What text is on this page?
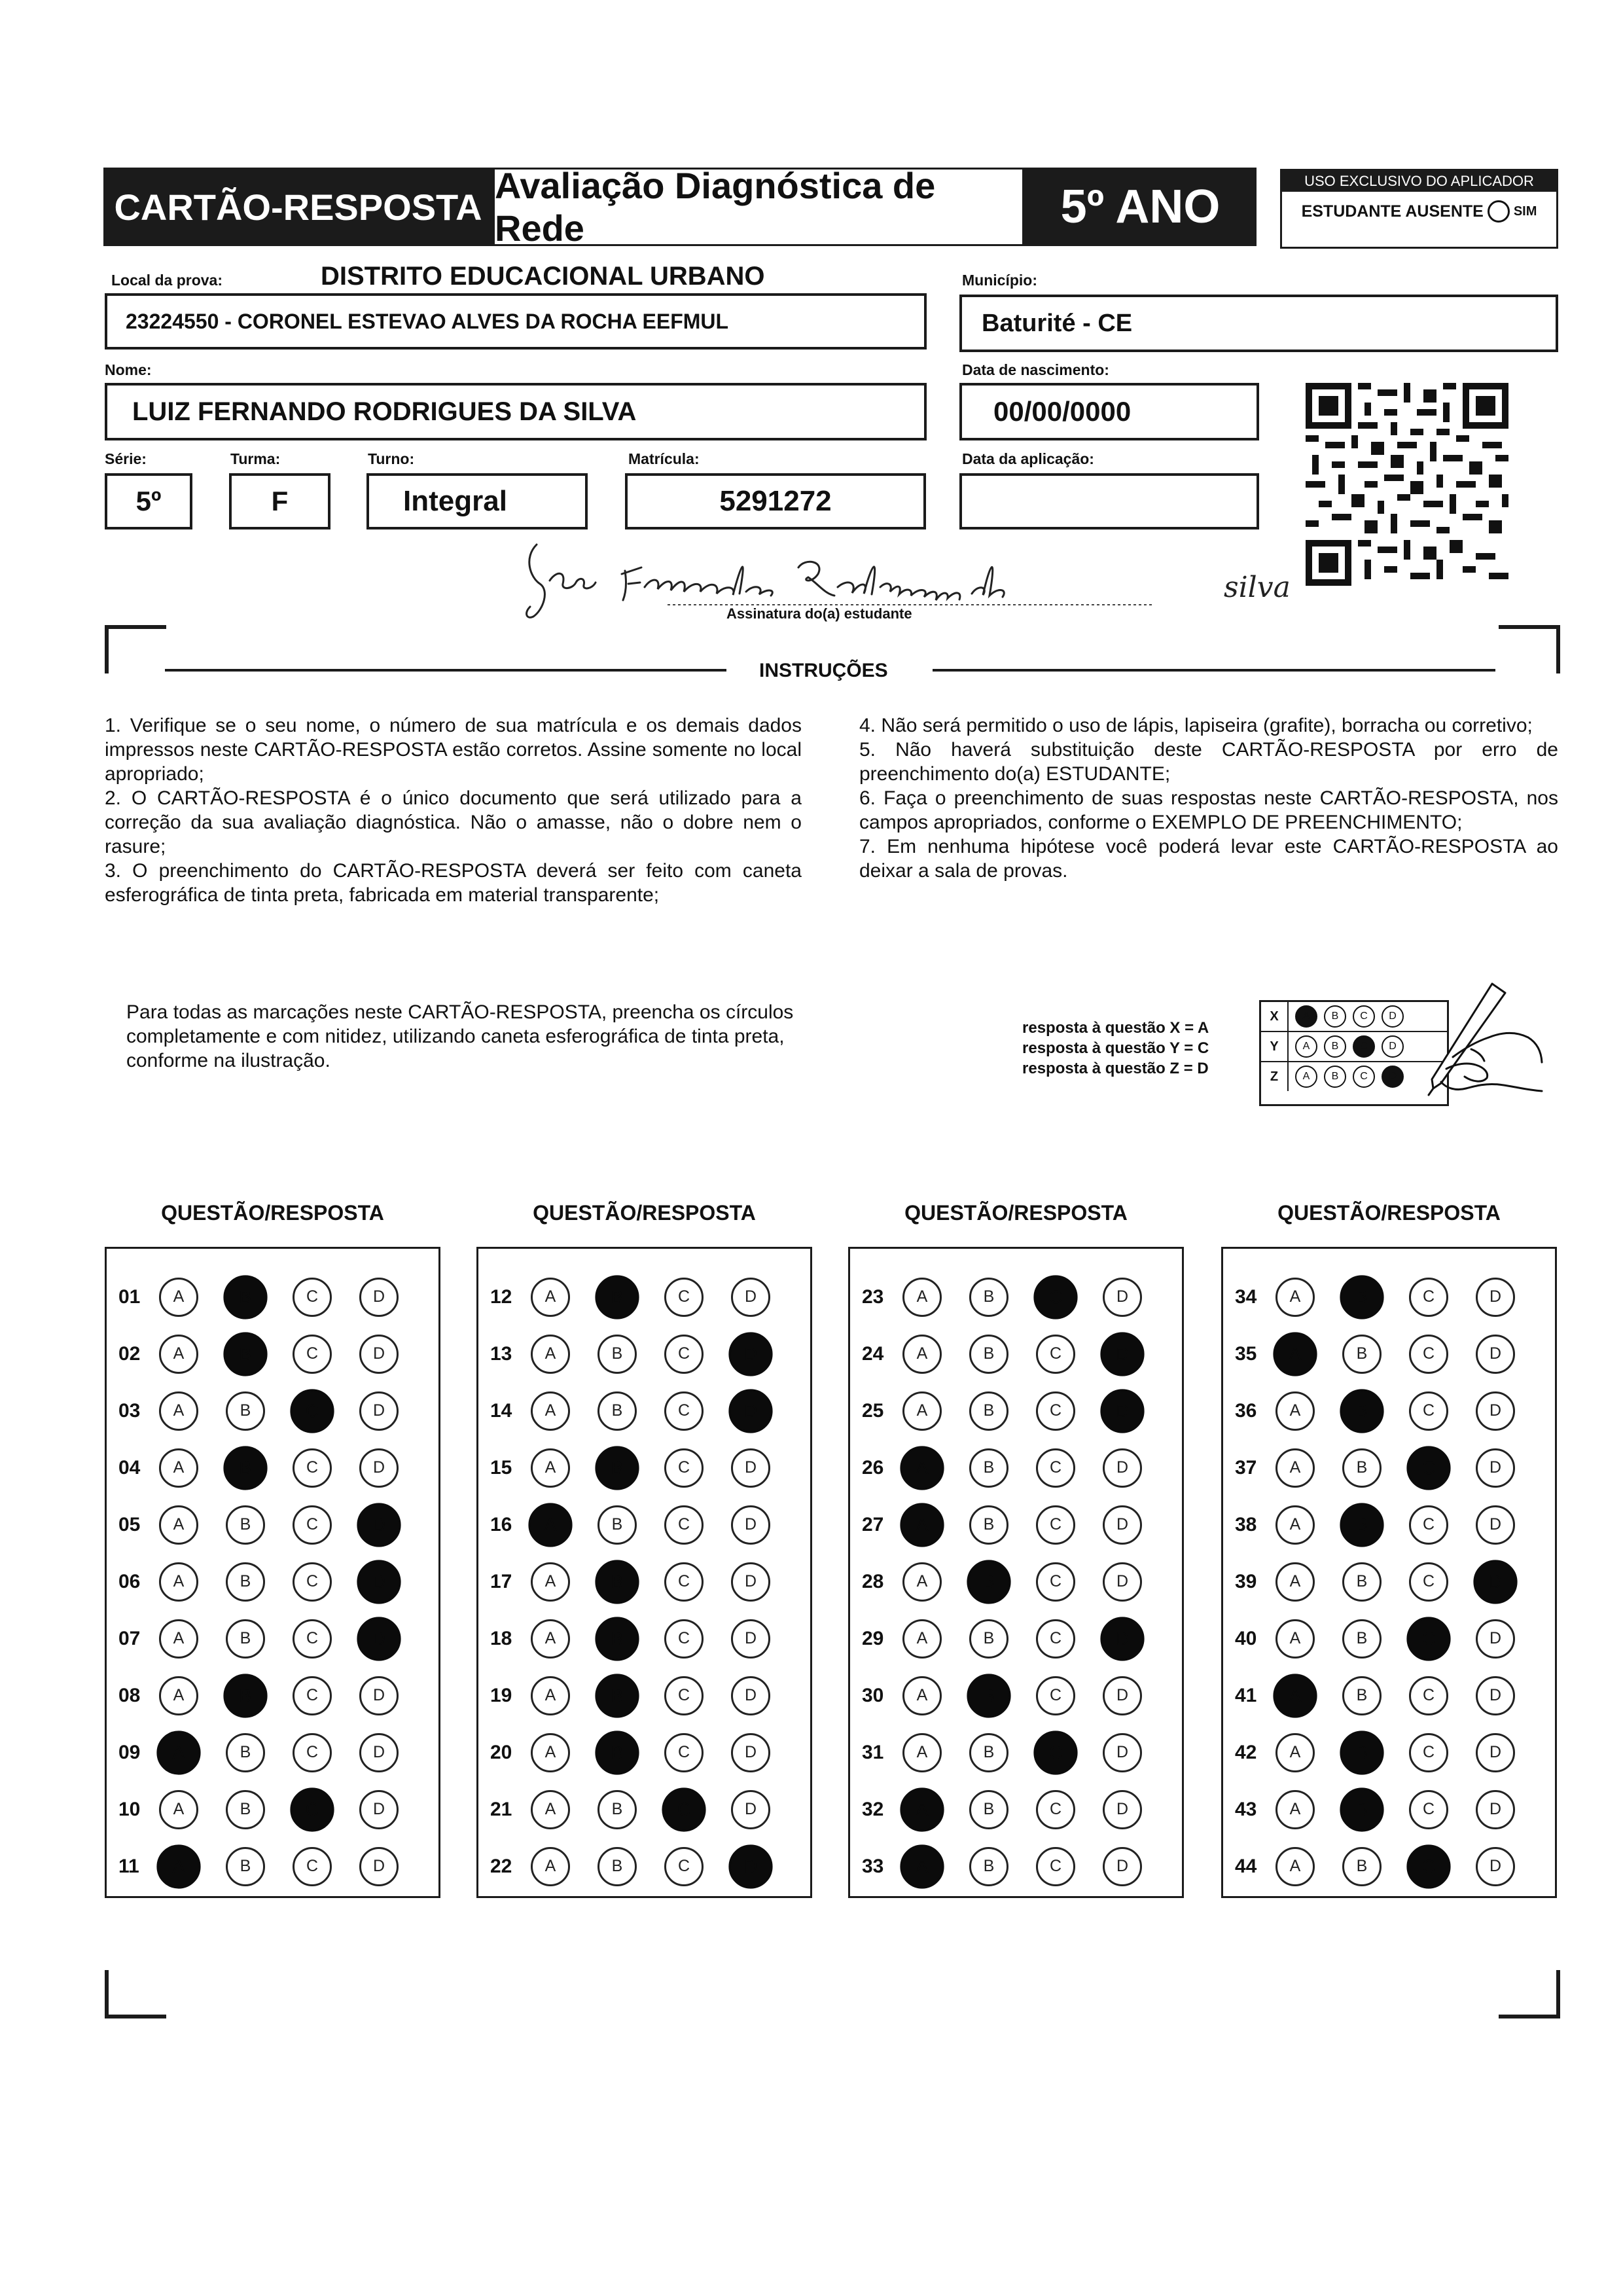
CARTÃO-RESPOSTA
Avaliação Diagnóstica de Rede	5º ANO	USO EXCLUSIVO DO APLICADOR
ESTUDANTE AUSENTE SIM
Local da prova:	DISTRITO EDUCACIONAL URBANO
23224550 - CORONEL ESTEVAO ALVES DA ROCHA EEFMUL
Município:
Baturité - CE
Nome:
LUIZ FERNANDO RODRIGUES DA SILVA
Data de nascimento:
00/00/0000
Série:
5º
Turma:
F
Turno:
Integral
Matrícula:
5291272
Data da aplicação:
silva
Assinatura do(a) estudante
INSTRUÇÕES

1. Verifique se o seu nome, o número de sua matrícula e os demais dados impressos neste CARTÃO-RESPOSTA estão corretos. Assine somente no local apropriado;

2. O CARTÃO-RESPOSTA é o único documento que será utilizado para a correção da sua avaliação diagnóstica. Não o amasse, não o dobre nem o rasure;

3. O preenchimento do CARTÃO-RESPOSTA deverá ser feito com caneta esferográfica de tinta preta, fabricada em material transparente;

4. Não será permitido o uso de lápis, lapiseira (grafite), borracha ou corretivo;

5. Não haverá substituição deste CARTÃO-RESPOSTA por erro de preenchimento do(a) ESTUDANTE;

6. Faça o preenchimento de suas respostas neste CARTÃO-RESPOSTA, nos campos apropriados, conforme o EXEMPLO DE PREENCHIMENTO;

7. Em nenhuma hipótese você poderá levar este CARTÃO-RESPOSTA ao deixar a sala de provas.

Para todas as marcações neste CARTÃO-RESPOSTA, preencha os círculos completamente e com nitidez, utilizando caneta esferográfica de tinta preta, conforme na ilustração.
resposta à questão X = A
resposta à questão Y = C
resposta à questão Z = D
X	A	B	C	D
Y	A	B	C	D
Z	A	B	C	D
QUESTÃO/RESPOSTA
01	A	B	C	D
02	A	B	C	D
03	A	B	C	D
04	A	B	C	D
05	A	B	C	D
06	A	B	C	D
07	A	B	C	D
08	A	B	C	D
09	A	B	C	D
10	A	B	C	D
11	A	B	C	D
QUESTÃO/RESPOSTA
12	A	B	C	D
13	A	B	C	D
14	A	B	C	D
15	A	B	C	D
16	A	B	C	D
17	A	B	C	D
18	A	B	C	D
19	A	B	C	D
20	A	B	C	D
21	A	B	C	D
22	A	B	C	D
QUESTÃO/RESPOSTA
23	A	B	C	D
24	A	B	C	D
25	A	B	C	D
26	A	B	C	D
27	A	B	C	D
28	A	B	C	D
29	A	B	C	D
30	A	B	C	D
31	A	B	C	D
32	A	B	C	D
33	A	B	C	D
QUESTÃO/RESPOSTA
34	A	B	C	D
35	A	B	C	D
36	A	B	C	D
37	A	B	C	D
38	A	B	C	D
39	A	B	C	D
40	A	B	C	D
41	A	B	C	D
42	A	B	C	D
43	A	B	C	D
44	A	B	C	D
